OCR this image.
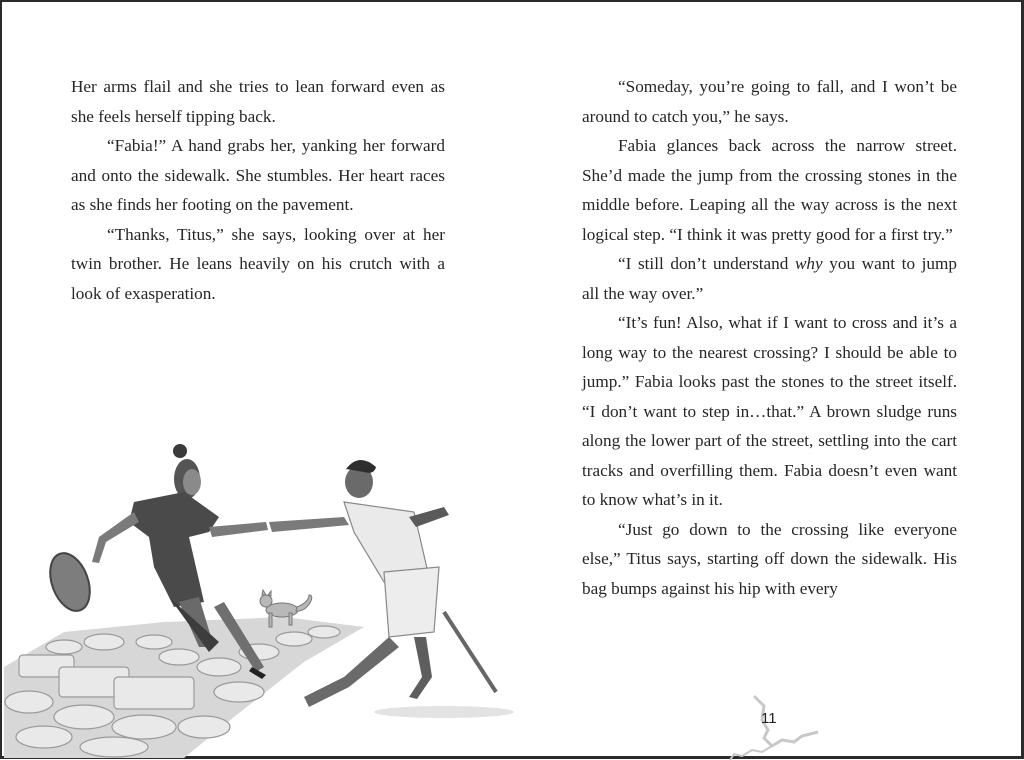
Her arms flail and she tries to lean forward even as she feels herself tipping back.

“Fabia!” A hand grabs her, yanking her forward and onto the sidewalk. She stumbles. Her heart races as she finds her footing on the pavement.

“Thanks, Titus,” she says, looking over at her twin brother. He leans heavily on his crutch with a look of exasperation.

“Someday, you’re going to fall, and I won’t be around to catch you,” he says.

Fabia glances back across the narrow street. She’d made the jump from the crossing stones in the middle before. Leaping all the way across is the next logical step. “I think it was pretty good for a first try.”

“I still don’t understand why you want to jump all the way over.”

“It’s fun! Also, what if I want to cross and it’s a long way to the nearest crossing? I should be able to jump.” Fabia looks past the stones to the street itself. “I don’t want to step in…that.” A brown sludge runs along the lower part of the street, settling into the cart tracks and overfilling them. Fabia doesn’t even want to know what’s in it.

“Just go down to the crossing like everyone else,” Titus says, starting off down the sidewalk. His bag bumps against his hip with every

11
